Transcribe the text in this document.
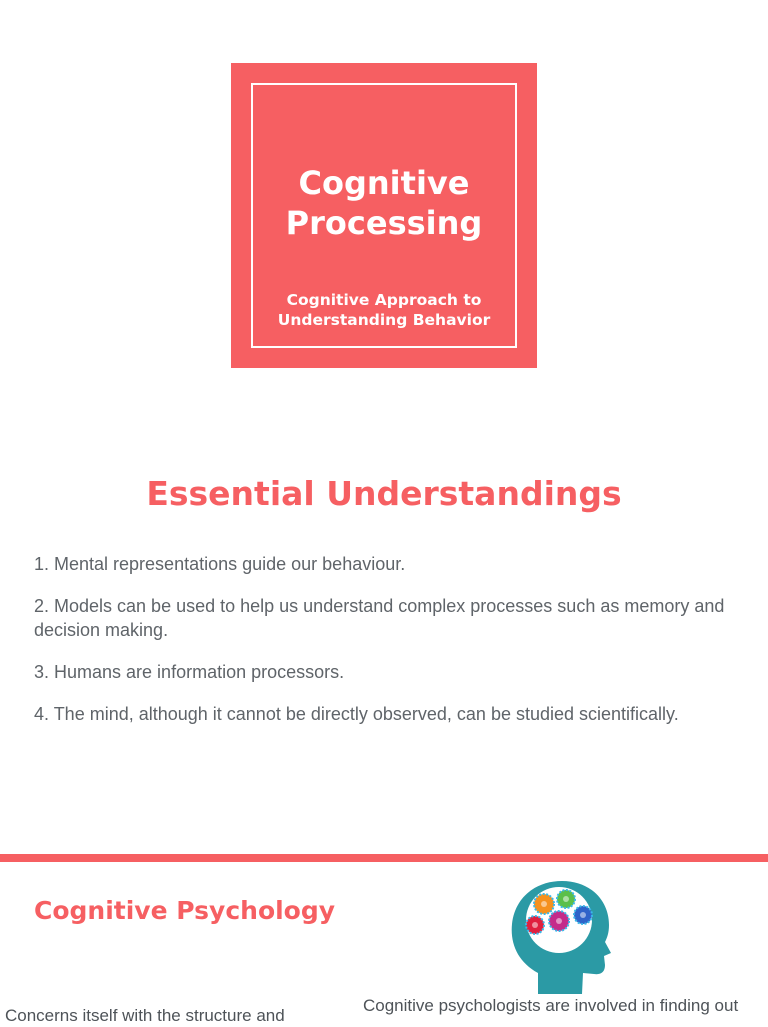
Cognitive
Processing
Cognitive Approach to
Understanding Behavior
Essential Understandings
1. Mental representations guide our behaviour.
2. Models can be used to help us understand complex processes such as memory and decision making.
3. Humans are information processors.
4. The mind, although it cannot be directly observed, can be studied scientifically.
Cognitive Psychology

Concerns itself with the structure and

Cognitive psychologists are involved in finding out
